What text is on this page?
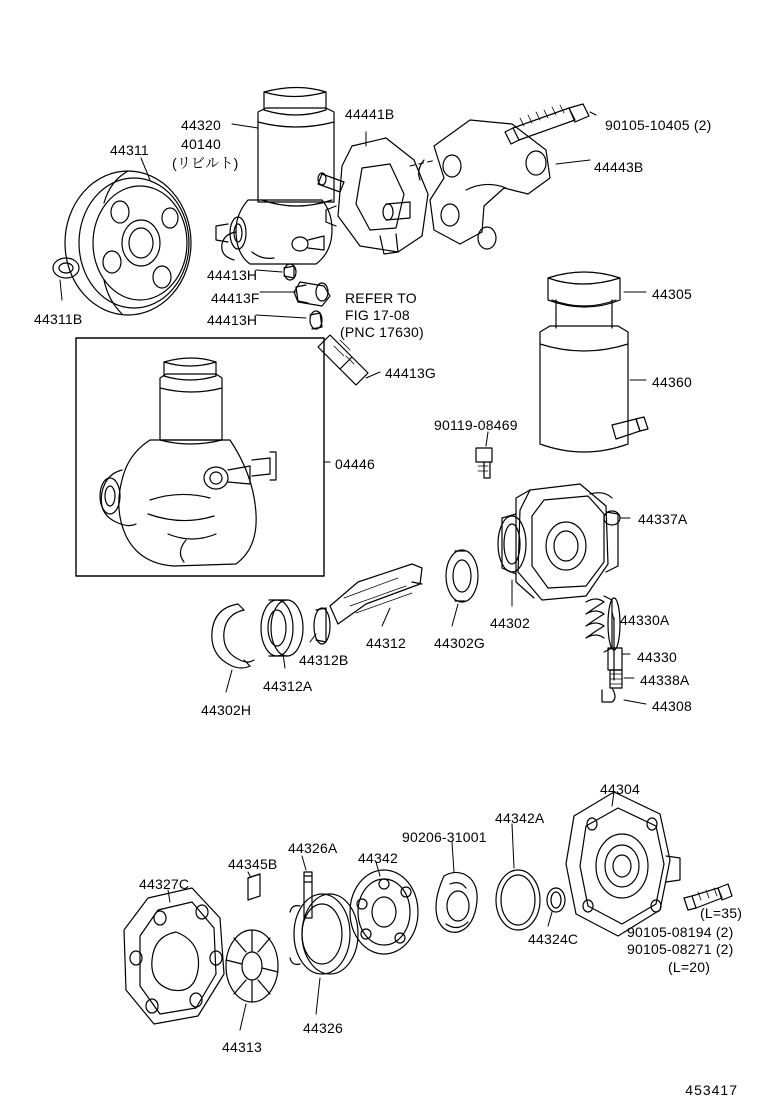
44311
44320
40140
(リビルト)
44441B
90105-10405 (2)
44443B
44311B
44413H
44413F
44413H
REFER TO
FIG 17-08
(PNC 17630)
44413G
44305
44360
90119-08469
04446
44337A
44302	44330A
44330
44338A
44308
44312 44302G
44312B
44312A
44302H
44304
44342A
90206-31001
44326A
44342
44345B
44327C
(L=35)
44324C	90105-08194 (2)
90105-08271 (2)
(L=20)
44326
44313
453417
